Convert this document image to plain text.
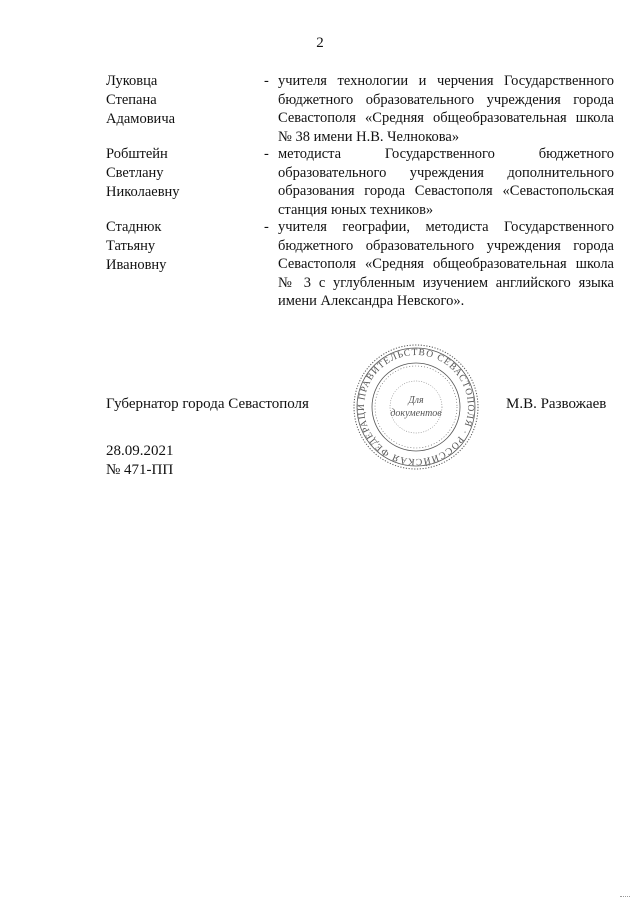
2
Луковца
Степана
Адамовича
- учителя технологии и черчения Государственного бюджетного образовательного учреждения города Севастополя «Средняя общеобразовательная школа № 38 имени Н.В. Челнокова»
Робштейн
Светлану
Николаевну
- методиста Государственного бюджетного образовательного учреждения дополнительного образования города Севастополя «Севастопольская станция юных техников»
Стаднюк
Татьяну
Ивановну
- учителя географии, методиста Государственного бюджетного образовательного учреждения города Севастополя «Средняя общеобразовательная школа № 3 с углубленным изучением английского языка имени Александра Невского».
Губернатор города Севастополя	ПРАВИТЕЛЬСТВО СЕВАСТОПОЛЯ · РОССИЙСКАЯ ФЕДЕРАЦИ
Для
документов
М.В. Развожаев
28.09.2021
№ 471-ПП
